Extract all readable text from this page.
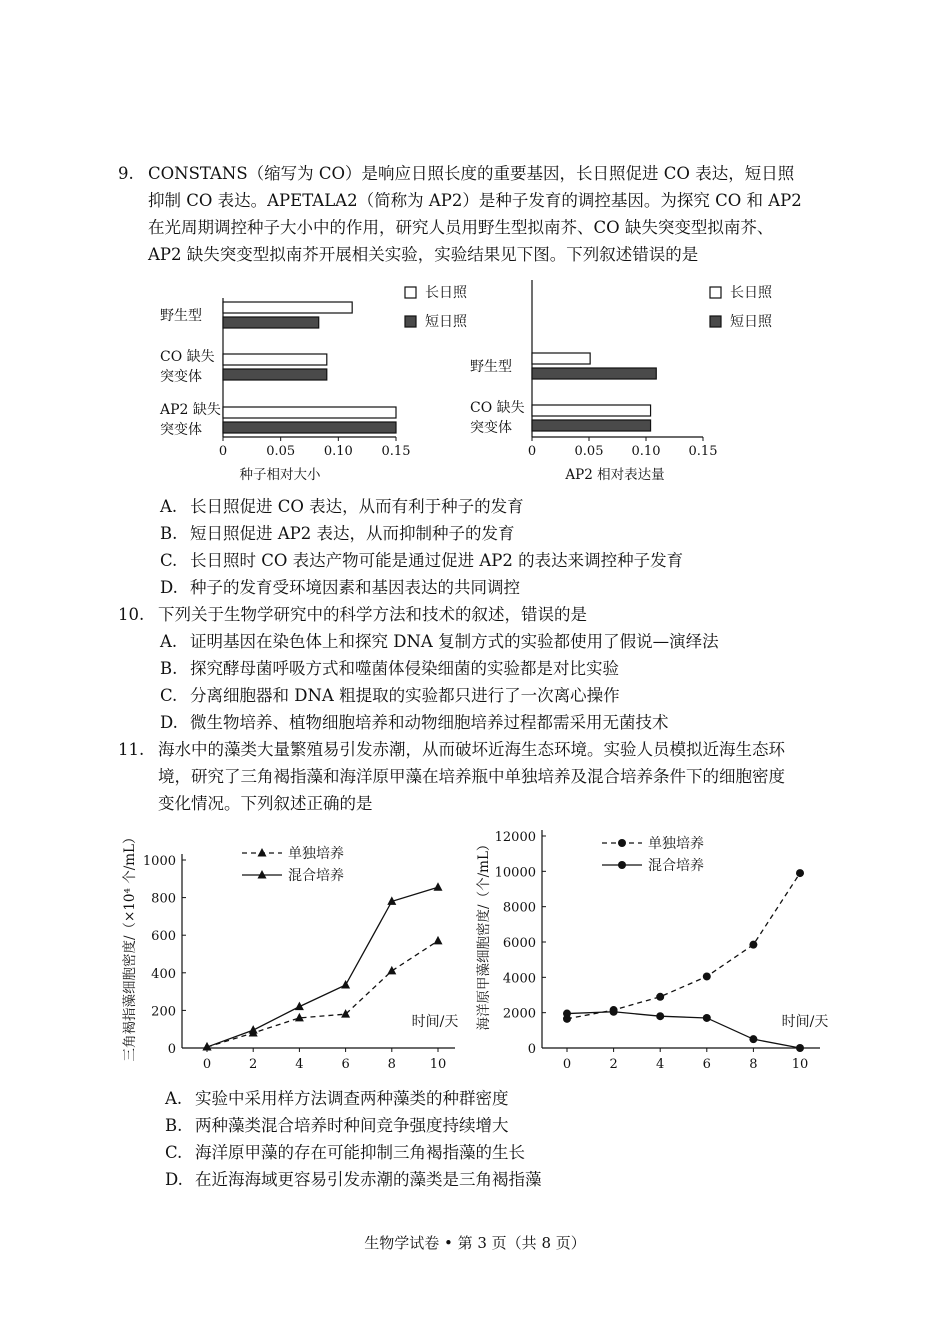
9. CONSTANS（缩写为 CO）是响应日照长度的重要基因，长日照促进 CO 表达，短日照
抑制 CO 表达。APETALA2（简称为 AP2）是种子发育的调控基因。为探究 CO 和 AP2
在光周期调控种子大小中的作用，研究人员用野生型拟南芥、CO 缺失突变型拟南芥、
AP2 缺失突变型拟南芥开展相关实验，实验结果见下图。下列叙述错误的是
0	0.05 0.10 0.15
种子相对大小
野生型
CO 缺失
突变体
AP2 缺失
突变体
长日照
短日照
0	0.05 0.10 0.15
AP2 相对表达量
野生型
CO 缺失
突变体
长日照
短日照
A. 长日照促进 CO 表达，从而有利于种子的发育
B. 短日照促进 AP2 表达，从而抑制种子的发育
C. 长日照时 CO 表达产物可能是通过促进 AP2 的表达来调控种子发育
D. 种子的发育受环境因素和基因表达的共同调控
10. 下列关于生物学研究中的科学方法和技术的叙述，错误的是
A. 证明基因在染色体上和探究 DNA 复制方式的实验都使用了假说—演绎法
B. 探究酵母菌呼吸方式和噬菌体侵染细菌的实验都是对比实验
C. 分离细胞器和 DNA 粗提取的实验都只进行了一次离心操作
D. 微生物培养、植物细胞培养和动物细胞培养过程都需采用无菌技术
11. 海水中的藻类大量繁殖易引发赤潮，从而破坏近海生态环境。实验人员模拟近海生态环
境，研究了三角褐指藻和海洋原甲藻在培养瓶中单独培养及混合培养条件下的细胞密度
变化情况。下列叙述正确的是
0
200
400
600
800
1000
0	2	4	6	8	10
时间/天
三角褐指藻细胞密度/（×10⁴ 个/mL）	单独培养
混合培养
0
2000
4000
6000
8000
10000
12000
0	2	4	6	8	10
时间/天
海洋原甲藻细胞密度/（个/mL）	单独培养
混合培养
A. 实验中采用样方法调查两种藻类的种群密度
B. 两种藻类混合培养时种间竞争强度持续增大
C. 海洋原甲藻的存在可能抑制三角褐指藻的生长
D. 在近海海域更容易引发赤潮的藻类是三角褐指藻
生物学试卷 • 第 3 页（共 8 页）
